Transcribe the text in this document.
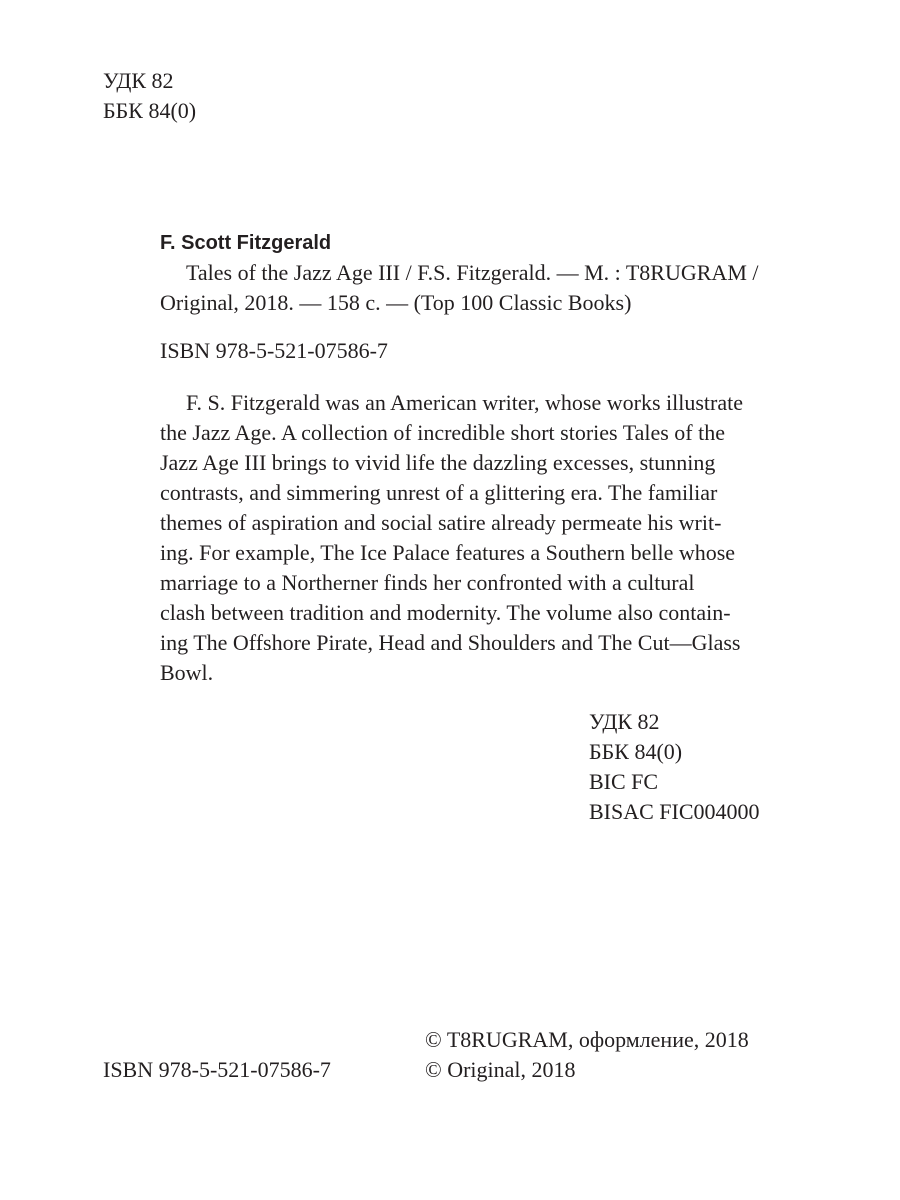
УДК 82

ББК 84(0)

F. Scott Fitzgerald

Tales of the Jazz Age III / F.S. Fitzgerald. — M. : T8RUGRAM /
Original, 2018. — 158 c. — (Top 100 Classic Books)

ISBN 978-5-521-07586-7

F. S. Fitzgerald was an American writer, whose works illustrate
the Jazz Age. A collection of incredible short stories Tales of the
Jazz Age III brings to vivid life the dazzling excesses, stunning
contrasts, and simmering unrest of a glittering era. The familiar
themes of aspiration and social satire already permeate his writ-
ing. For example, The Ice Palace features a Southern belle whose
marriage to a Northerner finds her confronted with a cultural
clash between tradition and modernity. The volume also contain-
ing The Offshore Pirate, Head and Shoulders and The Cut—Glass
Bowl.

УДК 82

ББК 84(0)

BIC FC

BISAC FIC004000

© T8RUGRAM, оформление, 2018

© Original, 2018

ISBN 978-5-521-07586-7
